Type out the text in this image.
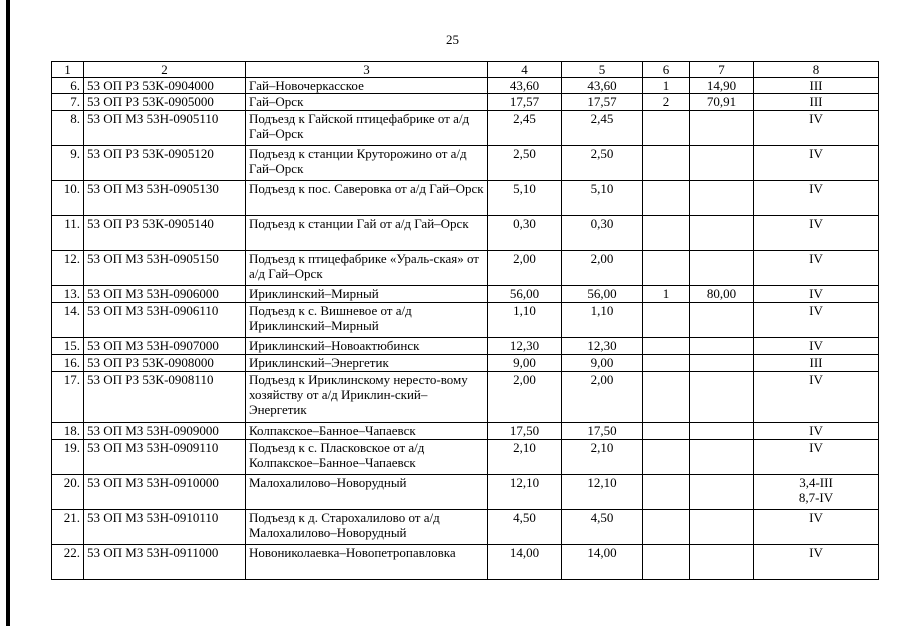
25
1	2	3	4	5	6	7	8
6.	53 ОП РЗ 53К-0904000	Гай–Новочеркасское	43,60	43,60	1	14,90	III
7.	53 ОП РЗ 53К-0905000	Гай–Орск	17,57	17,57	2	70,91	III
8.	53 ОП МЗ 53Н-0905110	Подъезд к Гайской птицефабрике от а/д Гай–Орск	2,45	2,45			IV
9.	53 ОП РЗ 53К-0905120	Подъезд к станции Круторожино от а/д Гай–Орск	2,50	2,50			IV
10.	53 ОП МЗ 53Н-0905130	Подъезд к пос. Саверовка от а/д Гай–Орск	5,10	5,10			IV
11.	53 ОП РЗ 53К-0905140	Подъезд к станции Гай от а/д Гай–Орск	0,30	0,30			IV
12.	53 ОП МЗ 53Н-0905150	Подъезд к птицефабрике «Ураль-ская» от а/д Гай–Орск	2,00	2,00			IV
13.	53 ОП МЗ 53Н-0906000	Ириклинский–Мирный	56,00	56,00	1	80,00	IV
14.	53 ОП МЗ 53Н-0906110	Подъезд к с. Вишневое от а/д Ириклинский–Мирный	1,10	1,10			IV
15.	53 ОП МЗ 53Н-0907000	Ириклинский–Новоактюбинск	12,30	12,30			IV
16.	53 ОП РЗ 53К-0908000	Ириклинский–Энергетик	9,00	9,00			III
17.	53 ОП РЗ 53К-0908110	Подъезд к Ириклинскому нересто-вому хозяйству от а/д Ириклин-ский–Энергетик	2,00	2,00			IV
18.	53 ОП МЗ 53Н-0909000	Колпакское–Банное–Чапаевск	17,50	17,50			IV
19.	53 ОП МЗ 53Н-0909110	Подъезд к с. Пласковское от а/д Колпакское–Банное–Чапаевск	2,10	2,10			IV
20.	53 ОП МЗ 53Н-0910000	Малохалилово–Новорудный	12,10	12,10			3,4-III
8,7-IV
21.	53 ОП МЗ 53Н-0910110	Подъезд к д. Старохалилово от а/д Малохалилово–Новорудный	4,50	4,50			IV
22.	53 ОП МЗ 53Н-0911000	Новониколаевка–Новопетропавловка	14,00	14,00			IV
